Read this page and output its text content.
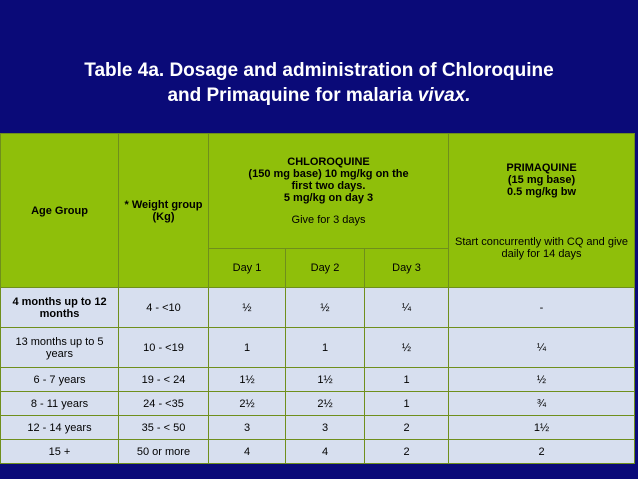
Table 4a. Dosage and administration of Chloroquine
and Primaquine for malaria vivax.
Age Group	* Weight group (Kg)	CHLOROQUINE
(150 mg base) 10 mg/kg on the
first two days.
5 mg/kg on day 3
Give for 3 days			PRIMAQUINE
(15 mg base)
0.5 mg/kg bw
Start concurrently with CQ and give daily for 14 days

		Day 1	Day 2	Day 3	
4 months up to 12 months	4 - <10	½	½	¼	-
13 months up to 5 years	10 - <19	1	1	½	¼
6 - 7 years	19 - < 24	1½	1½	1	½
8 - 11 years	24 - <35	2½	2½	1	¾
12 - 14 years	35 - < 50	3	3	2	1½
15 +	50 or more	4	4	2	2
